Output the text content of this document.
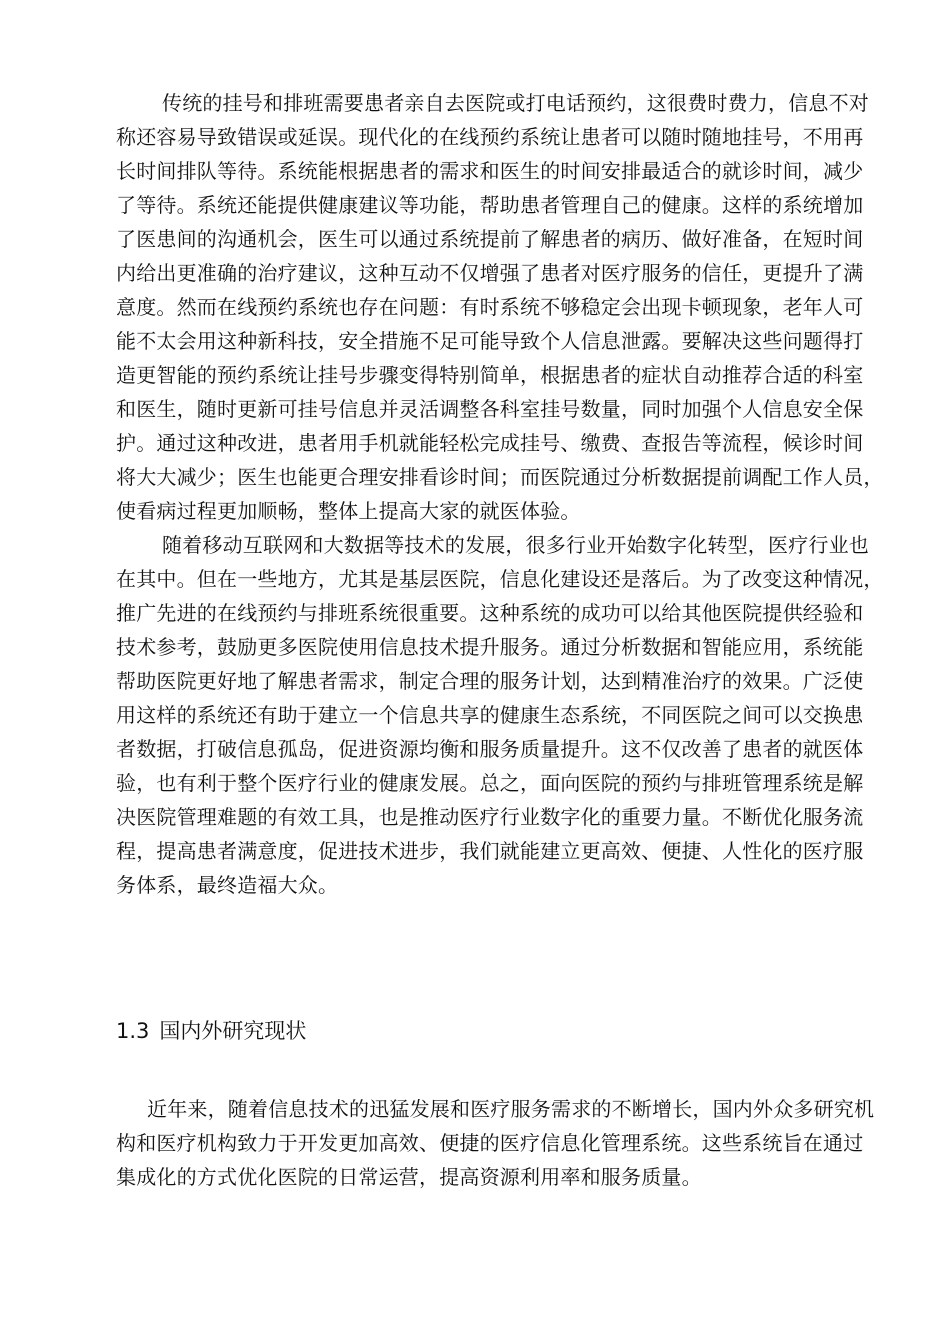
传统的挂号和排班需要患者亲自去医院或打电话预约，这很费时费力，信息不对
称还容易导致错误或延误。现代化的在线预约系统让患者可以随时随地挂号，不用再
长时间排队等待。系统能根据患者的需求和医生的时间安排最适合的就诊时间，减少
了等待。系统还能提供健康建议等功能，帮助患者管理自己的健康。这样的系统增加
了医患间的沟通机会，医生可以通过系统提前了解患者的病历、做好准备，在短时间
内给出更准确的治疗建议，这种互动不仅增强了患者对医疗服务的信任，更提升了满
意度。然而在线预约系统也存在问题：有时系统不够稳定会出现卡顿现象，老年人可
能不太会用这种新科技，安全措施不足可能导致个人信息泄露。要解决这些问题得打
造更智能的预约系统让挂号步骤变得特别简单，根据患者的症状自动推荐合适的科室
和医生，随时更新可挂号信息并灵活调整各科室挂号数量，同时加强个人信息安全保
护。通过这种改进，患者用手机就能轻松完成挂号、缴费、查报告等流程，候诊时间
将大大减少；医生也能更合理安排看诊时间；而医院通过分析数据提前调配工作人员，
使看病过程更加顺畅，整体上提高大家的就医体验。
随着移动互联网和大数据等技术的发展，很多行业开始数字化转型，医疗行业也
在其中。但在一些地方，尤其是基层医院，信息化建设还是落后。为了改变这种情况，
推广先进的在线预约与排班系统很重要。这种系统的成功可以给其他医院提供经验和
技术参考，鼓励更多医院使用信息技术提升服务。通过分析数据和智能应用，系统能
帮助医院更好地了解患者需求，制定合理的服务计划，达到精准治疗的效果。广泛使
用这样的系统还有助于建立一个信息共享的健康生态系统，不同医院之间可以交换患
者数据，打破信息孤岛，促进资源均衡和服务质量提升。这不仅改善了患者的就医体
验，也有利于整个医疗行业的健康发展。总之，面向医院的预约与排班管理系统是解
决医院管理难题的有效工具，也是推动医疗行业数字化的重要力量。不断优化服务流
程，提高患者满意度，促进技术进步，我们就能建立更高效、便捷、人性化的医疗服
务体系，最终造福大众。
1.3 国内外研究现状
近年来，随着信息技术的迅猛发展和医疗服务需求的不断增长，国内外众多研究机
构和医疗机构致力于开发更加高效、便捷的医疗信息化管理系统。这些系统旨在通过
集成化的方式优化医院的日常运营，提高资源利用率和服务质量。
